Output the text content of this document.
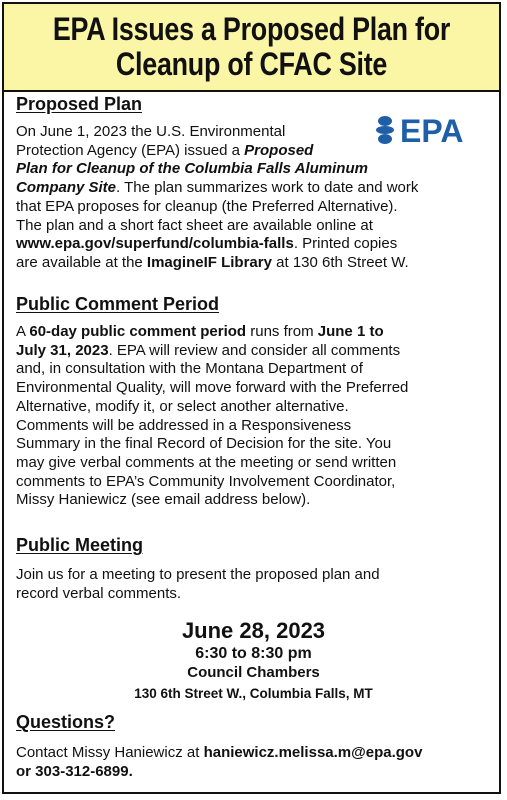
EPA Issues a Proposed Plan for
Cleanup of CFAC Site
EPA
Proposed Plan
On June 1, 2023 the U.S. Environmental
Protection Agency (EPA) issued a Proposed
Plan for Cleanup of the Columbia Falls Aluminum
Company Site. The plan summarizes work to date and work
that EPA proposes for cleanup (the Preferred Alternative).
The plan and a short fact sheet are available online at
www.epa.gov/superfund/columbia-falls. Printed copies
are available at the ImagineIF Library at 130 6th Street W.
Public Comment Period
A 60-day public comment period runs from June 1 to
July 31, 2023. EPA will review and consider all comments
and, in consultation with the Montana Department of
Environmental Quality, will move forward with the Preferred
Alternative, modify it, or select another alternative.
Comments will be addressed in a Responsiveness
Summary in the final Record of Decision for the site. You
may give verbal comments at the meeting or send written
comments to EPA’s Community Involvement Coordinator,
Missy Haniewicz (see email address below).
Public Meeting
Join us for a meeting to present the proposed plan and
record verbal comments.
June 28, 2023
6:30 to 8:30 pm
Council Chambers
130 6th Street W., Columbia Falls, MT
Questions?
Contact Missy Haniewicz at haniewicz.melissa.m@epa.gov
or 303-312-6899.
